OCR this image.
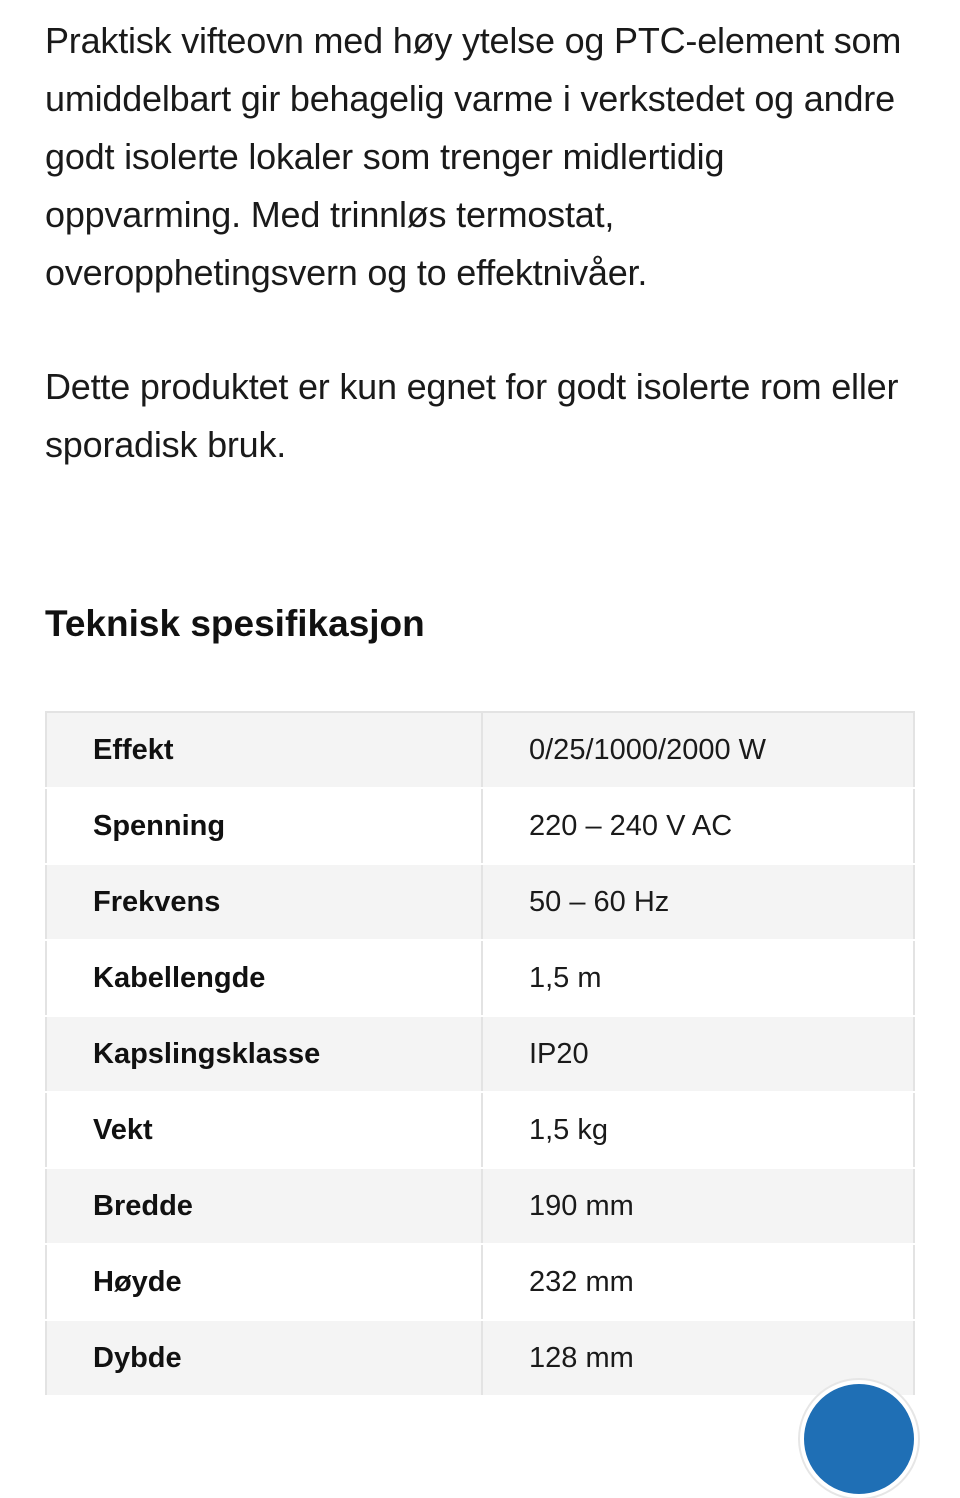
Praktisk vifteovn med høy ytelse og PTC-element som umiddelbart gir behagelig varme i verkstedet og andre godt isolerte lokaler som trenger midlertidig oppvarming. Med trinnløs termostat, overopphetingsvern og to effektnivåer.

Dette produktet er kun egnet for godt isolerte rom eller sporadisk bruk.

Teknisk spesifikasjon
Effekt	0/25/1000/2000 W
Spenning	220 – 240 V AC
Frekvens	50 – 60 Hz
Kabellengde	1,5 m
Kapslingsklasse	IP20
Vekt	1,5 kg
Bredde	190 mm
Høyde	232 mm
Dybde	128 mm
